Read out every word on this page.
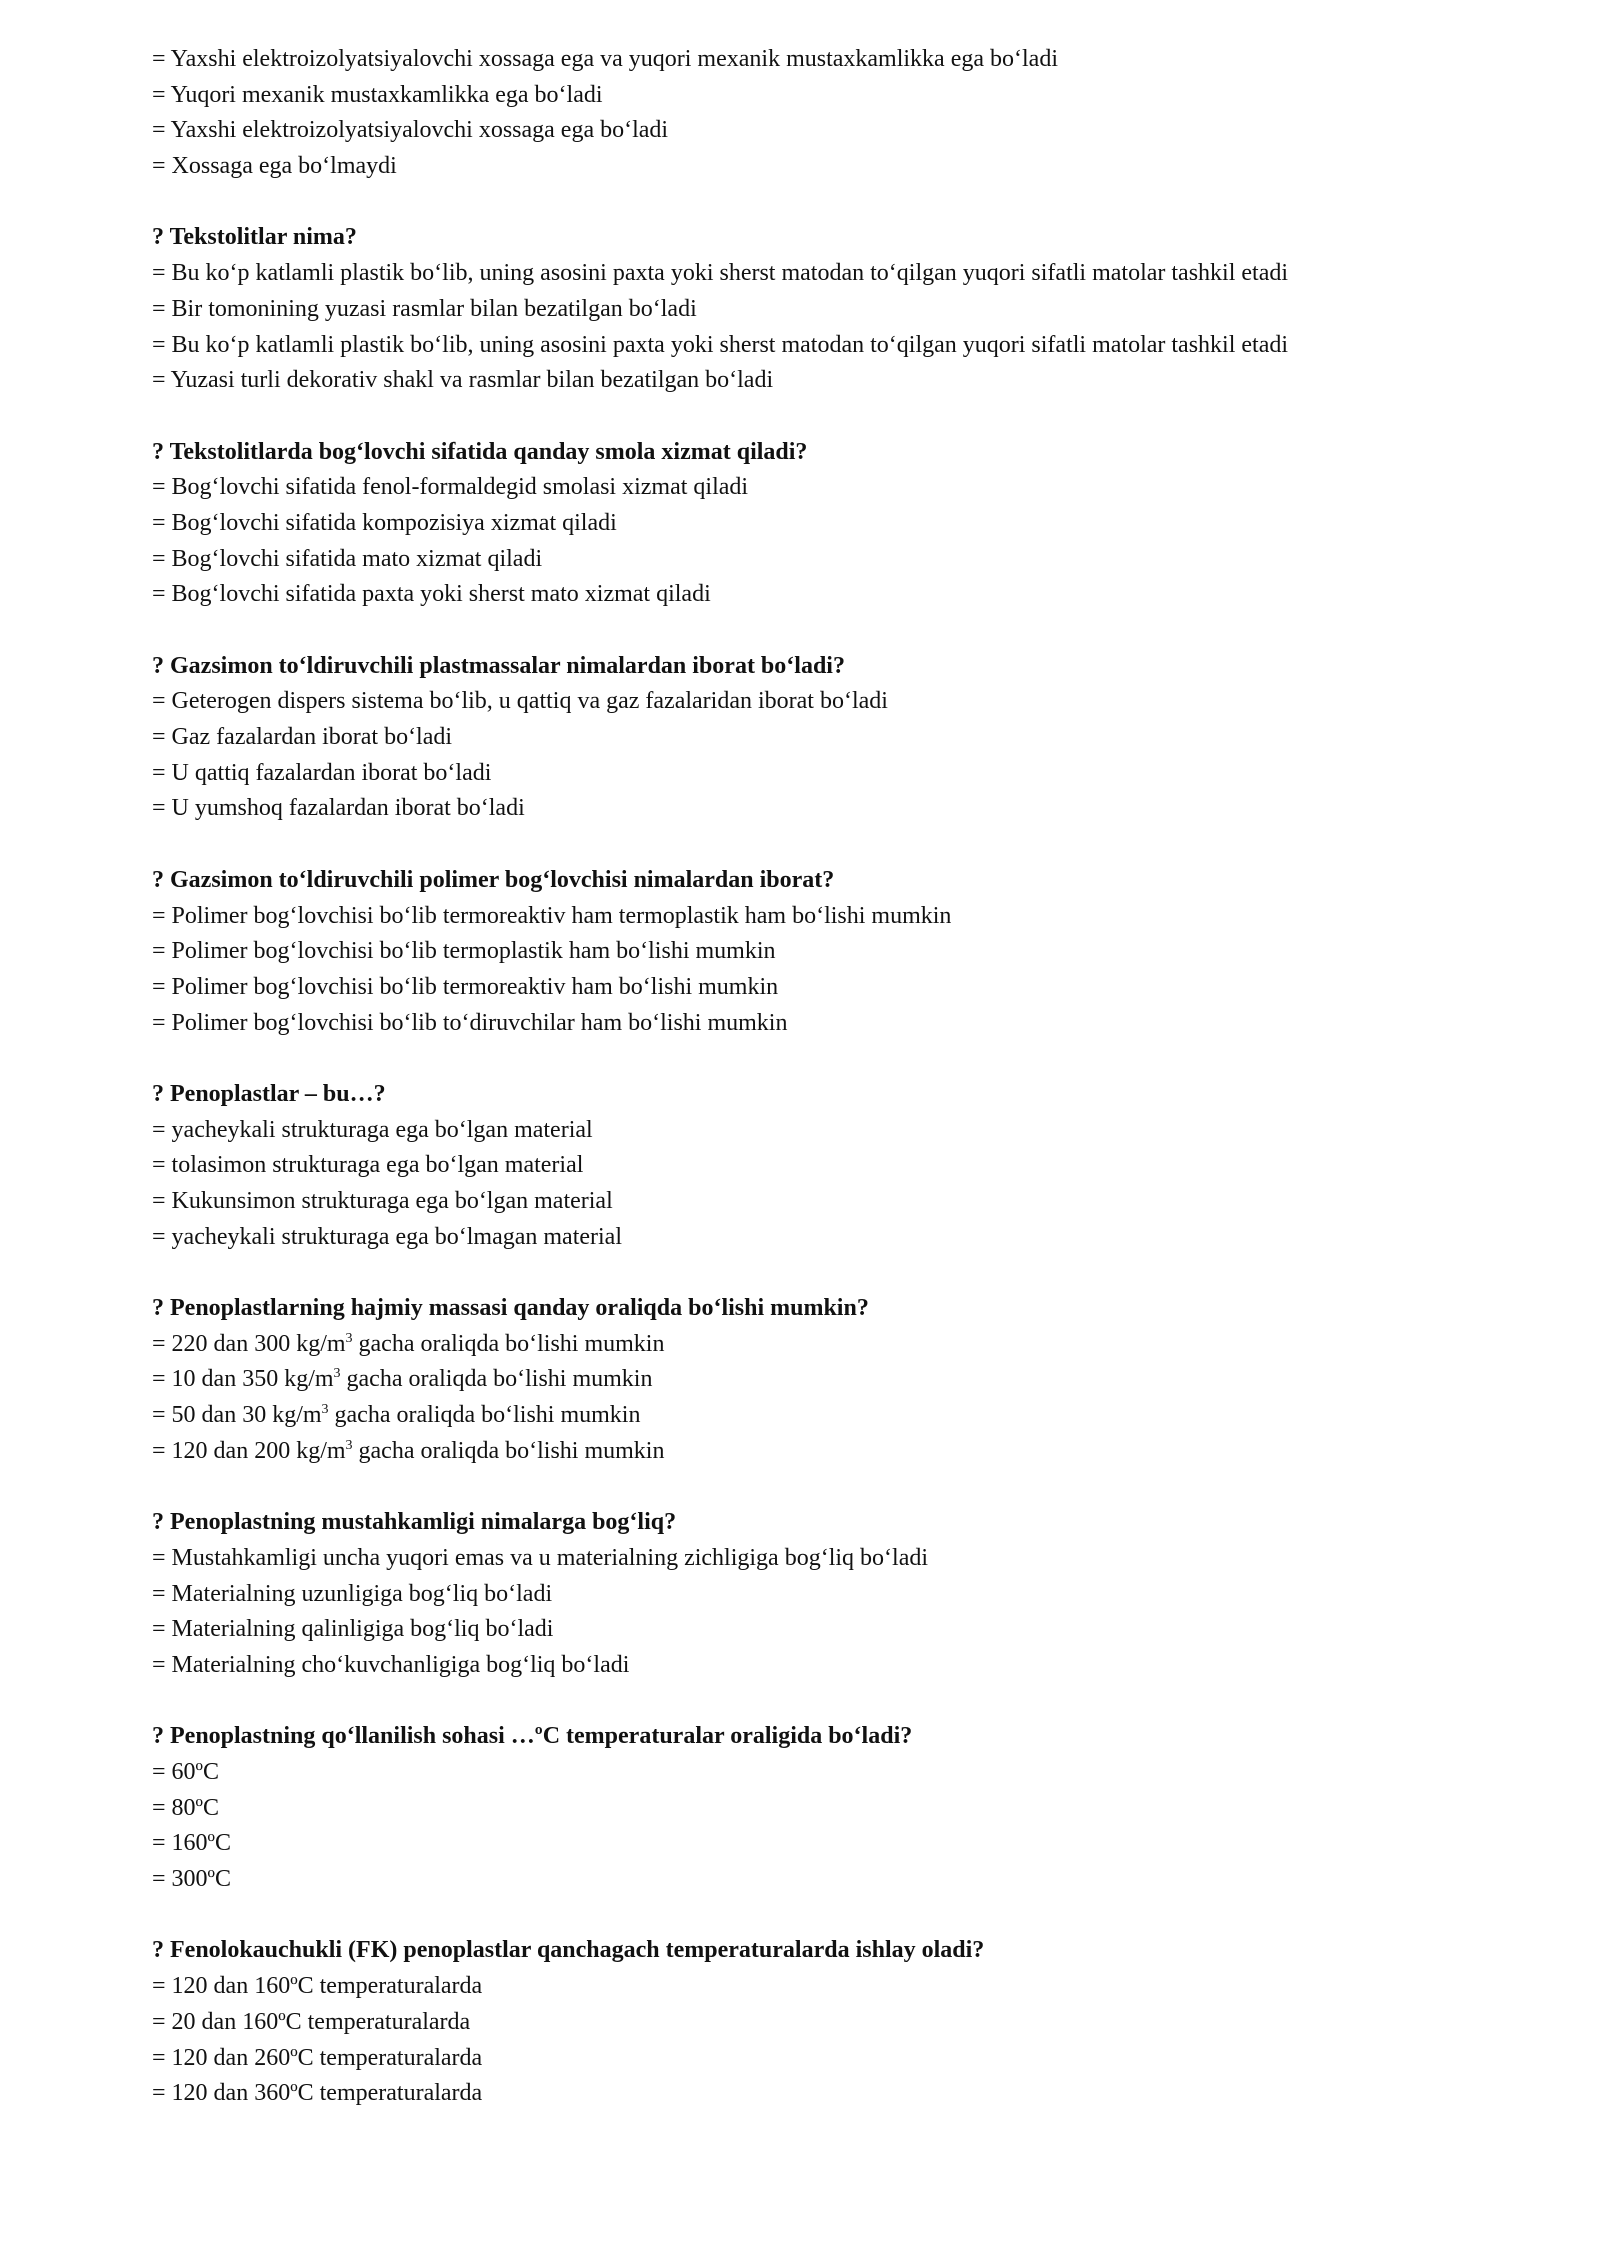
= Yaxshi elektroizolyatsiyalovchi xossaga ega va yuqori mexanik mustaxkamlikka ega boʻladi
= Yuqori mexanik mustaxkamlikka ega boʻladi
= Yaxshi elektroizolyatsiyalovchi xossaga ega boʻladi
= Xossaga ega boʻlmaydi
? Tekstolitlar nima?
= Bu koʻp katlamli plastik boʻlib, uning asosini paxta yoki sherst matodan toʻqilgan yuqori sifatli matolar tashkil etadi
= Bir tomonining yuzasi rasmlar bilan bezatilgan boʻladi
= Bu koʻp katlamli plastik boʻlib, uning asosini paxta yoki sherst matodan toʻqilgan yuqori sifatli matolar tashkil etadi
= Yuzasi turli dekorativ shakl va rasmlar bilan bezatilgan boʻladi
? Tekstolitlarda bogʻlovchi sifatida qanday smola xizmat qiladi?
= Bogʻlovchi sifatida fenol-formaldegid smolasi xizmat qiladi
= Bogʻlovchi sifatida kompozisiya xizmat qiladi
= Bogʻlovchi sifatida mato xizmat qiladi
= Bogʻlovchi sifatida paxta yoki sherst mato xizmat qiladi
? Gazsimon toʻldiruvchili plastmassalar nimalardan iborat boʻladi?
= Geterogen dispers sistema boʻlib, u qattiq va gaz fazalaridan iborat boʻladi
= Gaz fazalardan iborat boʻladi
= U qattiq fazalardan iborat boʻladi
= U yumshoq fazalardan iborat boʻladi
? Gazsimon toʻldiruvchili polimer bogʻlovchisi nimalardan iborat?
= Polimer bogʻlovchisi boʻlib termoreaktiv ham termoplastik ham boʻlishi mumkin
= Polimer bogʻlovchisi boʻlib termoplastik ham boʻlishi mumkin
= Polimer bogʻlovchisi boʻlib termoreaktiv ham boʻlishi mumkin
= Polimer bogʻlovchisi boʻlib toʻdiruvchilar ham boʻlishi mumkin
? Penoplastlar – bu…?
= yacheykali strukturaga ega boʻlgan material
= tolasimon strukturaga ega boʻlgan material
= Kukunsimon strukturaga ega boʻlgan material
= yacheykali strukturaga ega boʻlmagan material
? Penoplastlarning hajmiy massasi qanday oraliqda boʻlishi mumkin?
= 220 dan 300 $kg/m^3$ gacha oraliqda boʻlishi mumkin
= 10 dan 350 $kg/m^3$ gacha oraliqda boʻlishi mumkin
= 50 dan 30 $kg/m^3$ gacha oraliqda boʻlishi mumkin
= 120 dan 200 $kg/m^3$ gacha oraliqda boʻlishi mumkin
? Penoplastning mustahkamligi nimalarga bogʻliq?
= Mustahkamligi uncha yuqori emas va u materialning zichligiga bogʻliq boʻladi
= Materialning uzunligiga bogʻliq boʻladi
= Materialning qalinligiga bogʻliq boʻladi
= Materialning choʻkuvchanligiga bogʻliq boʻladi
? Penoplastning qoʻllanilish sohasi …ºC temperaturalar oraligida boʻladi?
= 60ºC
= 80ºC
= 160ºC
= 300ºC
? Fenolokauchukli (FK) penoplastlar qanchagach temperaturalarda ishlay oladi?
= 120 dan 160ºC temperaturalarda
= 20 dan 160ºC temperaturalarda
= 120 dan 260ºC temperaturalarda
= 120 dan 360ºC temperaturalarda
